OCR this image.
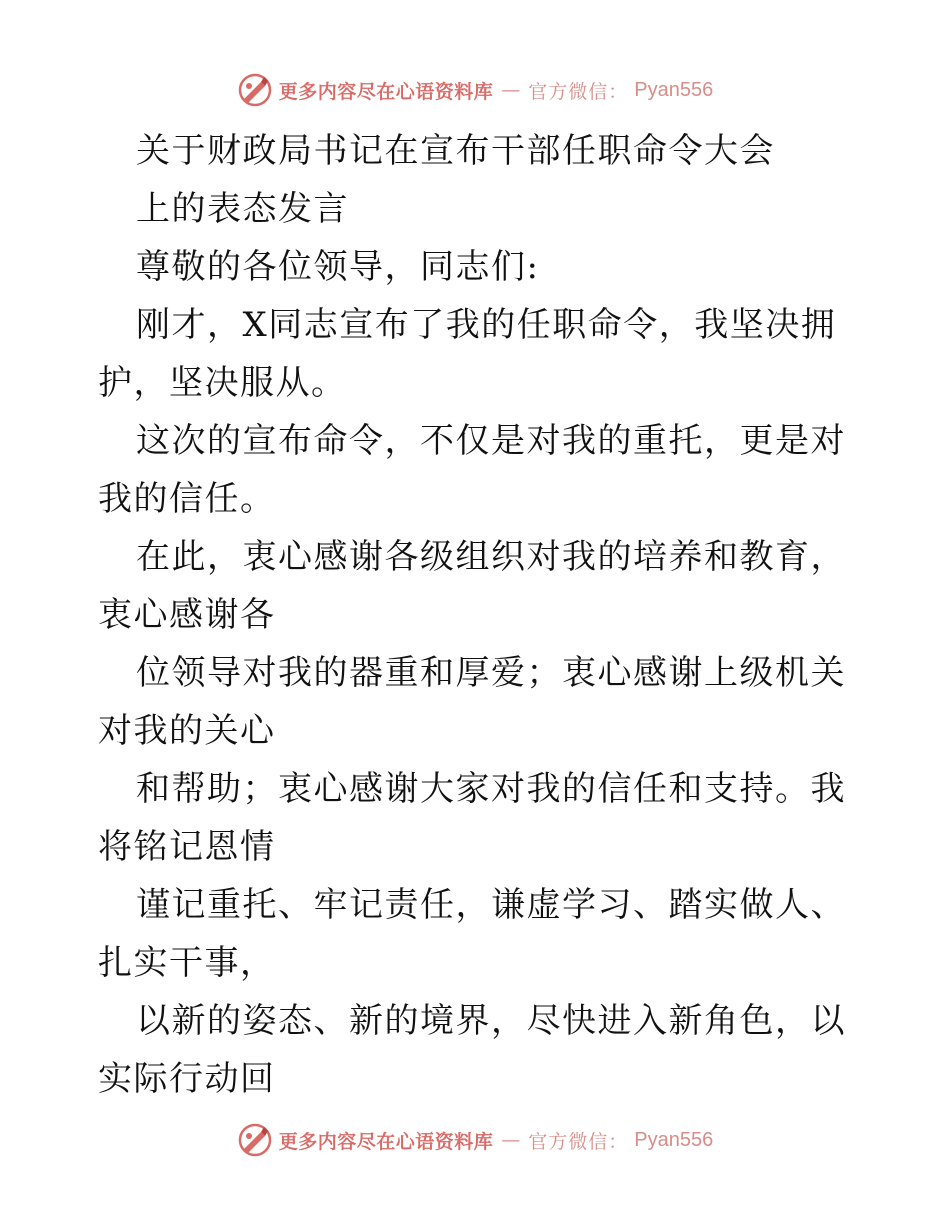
更多内容尽在心语资料库 — 官方微信： Pyan556

关于财政局书记在宣布干部任职命令大会

上的表态发言

尊敬的各位领导，同志们:

刚才，X同志宣布了我的任职命令，我坚决拥护，坚决服从。

这次的宣布命令，不仅是对我的重托，更是对我的信任。

在此，衷心感谢各级组织对我的培养和教育，衷心感谢各

位领导对我的器重和厚爱；衷心感谢上级机关对我的关心

和帮助；衷心感谢大家对我的信任和支持。我将铭记恩情

谨记重托、牢记责任，谦虚学习、踏实做人、扎实干事，

以新的姿态、新的境界，尽快进入新角色，以实际行动回

更多内容尽在心语资料库 — 官方微信： Pyan556
